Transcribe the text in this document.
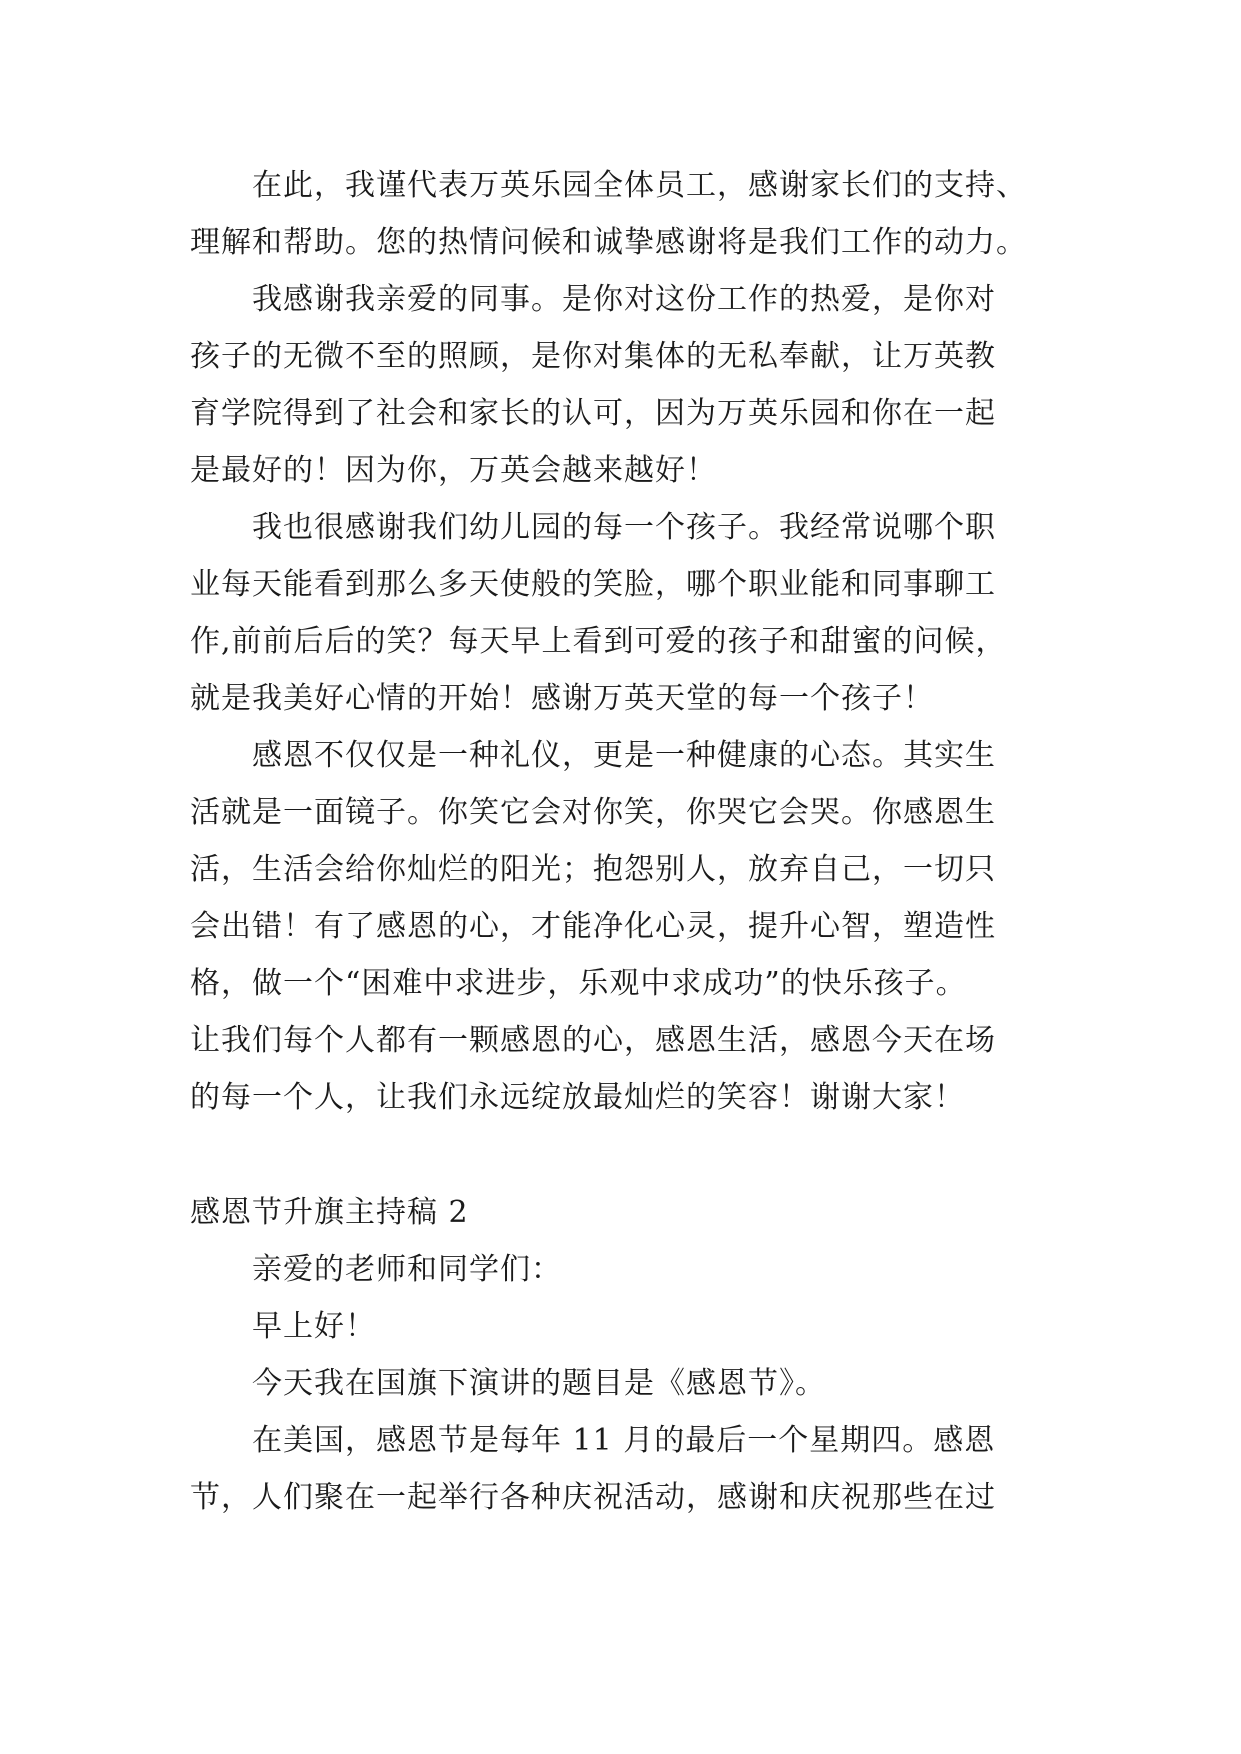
在此，我谨代表万英乐园全体员工，感谢家长们的支持、
理解和帮助。您的热情问候和诚挚感谢将是我们工作的动力。
我感谢我亲爱的同事。是你对这份工作的热爱，是你对
孩子的无微不至的照顾，是你对集体的无私奉献，让万英教
育学院得到了社会和家长的认可，因为万英乐园和你在一起
是最好的！因为你，万英会越来越好！
我也很感谢我们幼儿园的每一个孩子。我经常说哪个职
业每天能看到那么多天使般的笑脸，哪个职业能和同事聊工
作,前前后后的笑？每天早上看到可爱的孩子和甜蜜的问候，
就是我美好心情的开始！感谢万英天堂的每一个孩子！
感恩不仅仅是一种礼仪，更是一种健康的心态。其实生
活就是一面镜子。你笑它会对你笑，你哭它会哭。你感恩生
活，生活会给你灿烂的阳光；抱怨别人，放弃自己，一切只
会出错！有了感恩的心，才能净化心灵，提升心智，塑造性
格，做一个“困难中求进步，乐观中求成功”的快乐孩子。
让我们每个人都有一颗感恩的心，感恩生活，感恩今天在场
的每一个人，让我们永远绽放最灿烂的笑容！谢谢大家！
感恩节升旗主持稿 2
亲爱的老师和同学们：
早上好！
今天我在国旗下演讲的题目是《感恩节》。
在美国，感恩节是每年 11 月的最后一个星期四。感恩
节，人们聚在一起举行各种庆祝活动，感谢和庆祝那些在过
